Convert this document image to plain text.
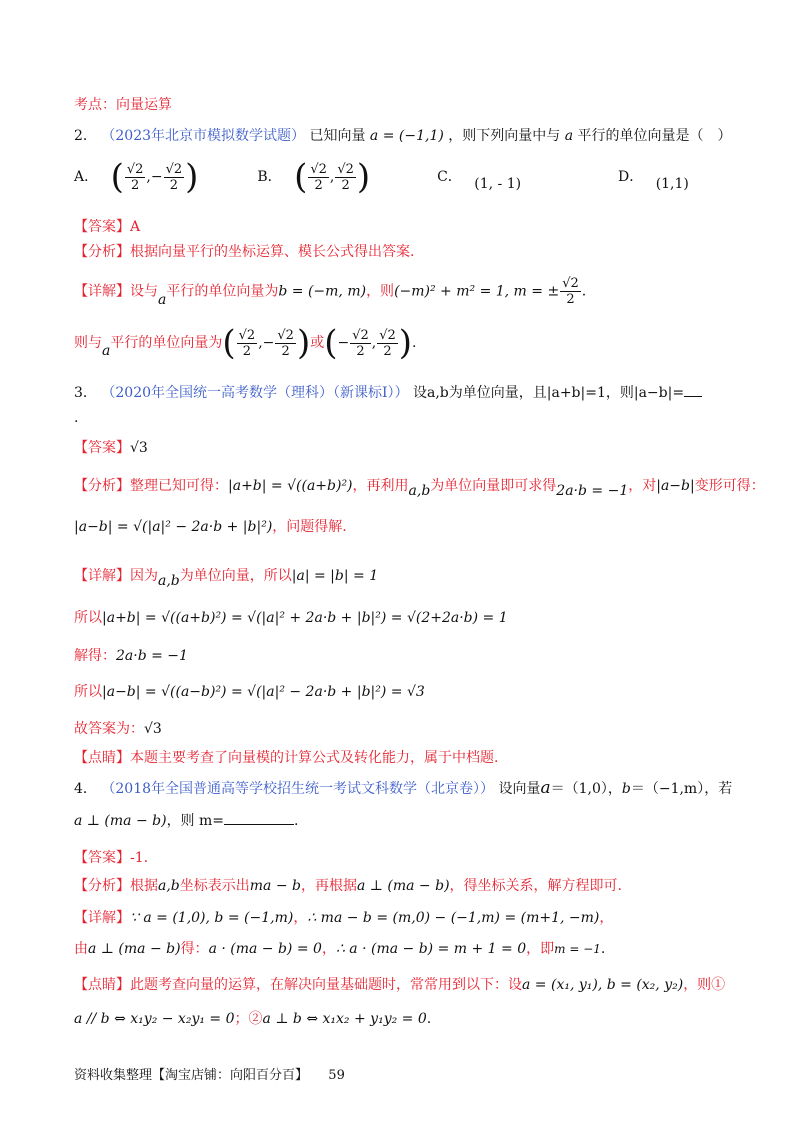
考点：向量运算
2． （2023年北京市模拟数学试题） 已知向量 a = (−1,1) ，则下列向量中与 a 平行的单位向量是（　）
A． ( $\frac{√2}{2}$ ,− $\frac{√2}{2}$ )	B． ( $\frac{√2}{2}$ , $\frac{√2}{2}$ )	C． (1, - 1)	D． (1,1)
【答案】A
【分析】根据向量平行的坐标运算、模长公式得出答案.
【详解】设与a平行的单位向量为b = (−m, m)，则(−m)² + m² = 1, m = ± $\frac{√2}{2}$ .
则与a平行的单位向量为( $\frac{√2}{2}$ ,− $\frac{√2}{2}$ )或(− $\frac{√2}{2}$ , $\frac{√2}{2}$ ).
3． （2020年全国统一高考数学（理科）（新课标Ⅰ）） 设a,b为单位向量，且|a+b|=1，则|a−b|=
.
【答案】√3
【分析】整理已知可得：|a+b| = √((a+b)²)，再利用a,b为单位向量即可求得2a·b = −1，对|a−b|变形可得：
|a−b| = √(|a|² − 2a·b + |b|²)，问题得解.
【详解】因为a,b为单位向量，所以|a| = |b| = 1
所以|a+b| = √((a+b)²) = √(|a|² + 2a·b + |b|²) = √(2+2a·b) = 1
解得：2a·b = −1
所以|a−b| = √((a−b)²) = √(|a|² − 2a·b + |b|²) = √3
故答案为：√3
【点睛】本题主要考查了向量模的计算公式及转化能力，属于中档题.
4． （2018年全国普通高等学校招生统一考试文科数学（北京卷）） 设向量a＝（1,0），b＝（−1,m），若
a ⊥ (ma − b)，则 m=	.
【答案】-1.
【分析】根据a,b坐标表示出ma − b，再根据a ⊥ (ma − b)，得坐标关系，解方程即可.
【详解】∵ a = (1,0), b = (−1,m)，∴ ma − b = (m,0) − (−1,m) = (m+1, −m)，
由a ⊥ (ma − b)得：a · (ma − b) = 0，∴ a · (ma − b) = m + 1 = 0，即m = −1.
【点睛】此题考查向量的运算，在解决向量基础题时，常常用到以下：设a = (x₁, y₁), b = (x₂, y₂)，则①
a // b ⇔ x₁y₂ − x₂y₁ = 0；②a ⊥ b ⇔ x₁x₂ + y₁y₂ = 0.
资料收集整理【淘宝店铺：向阳百分百】 59
